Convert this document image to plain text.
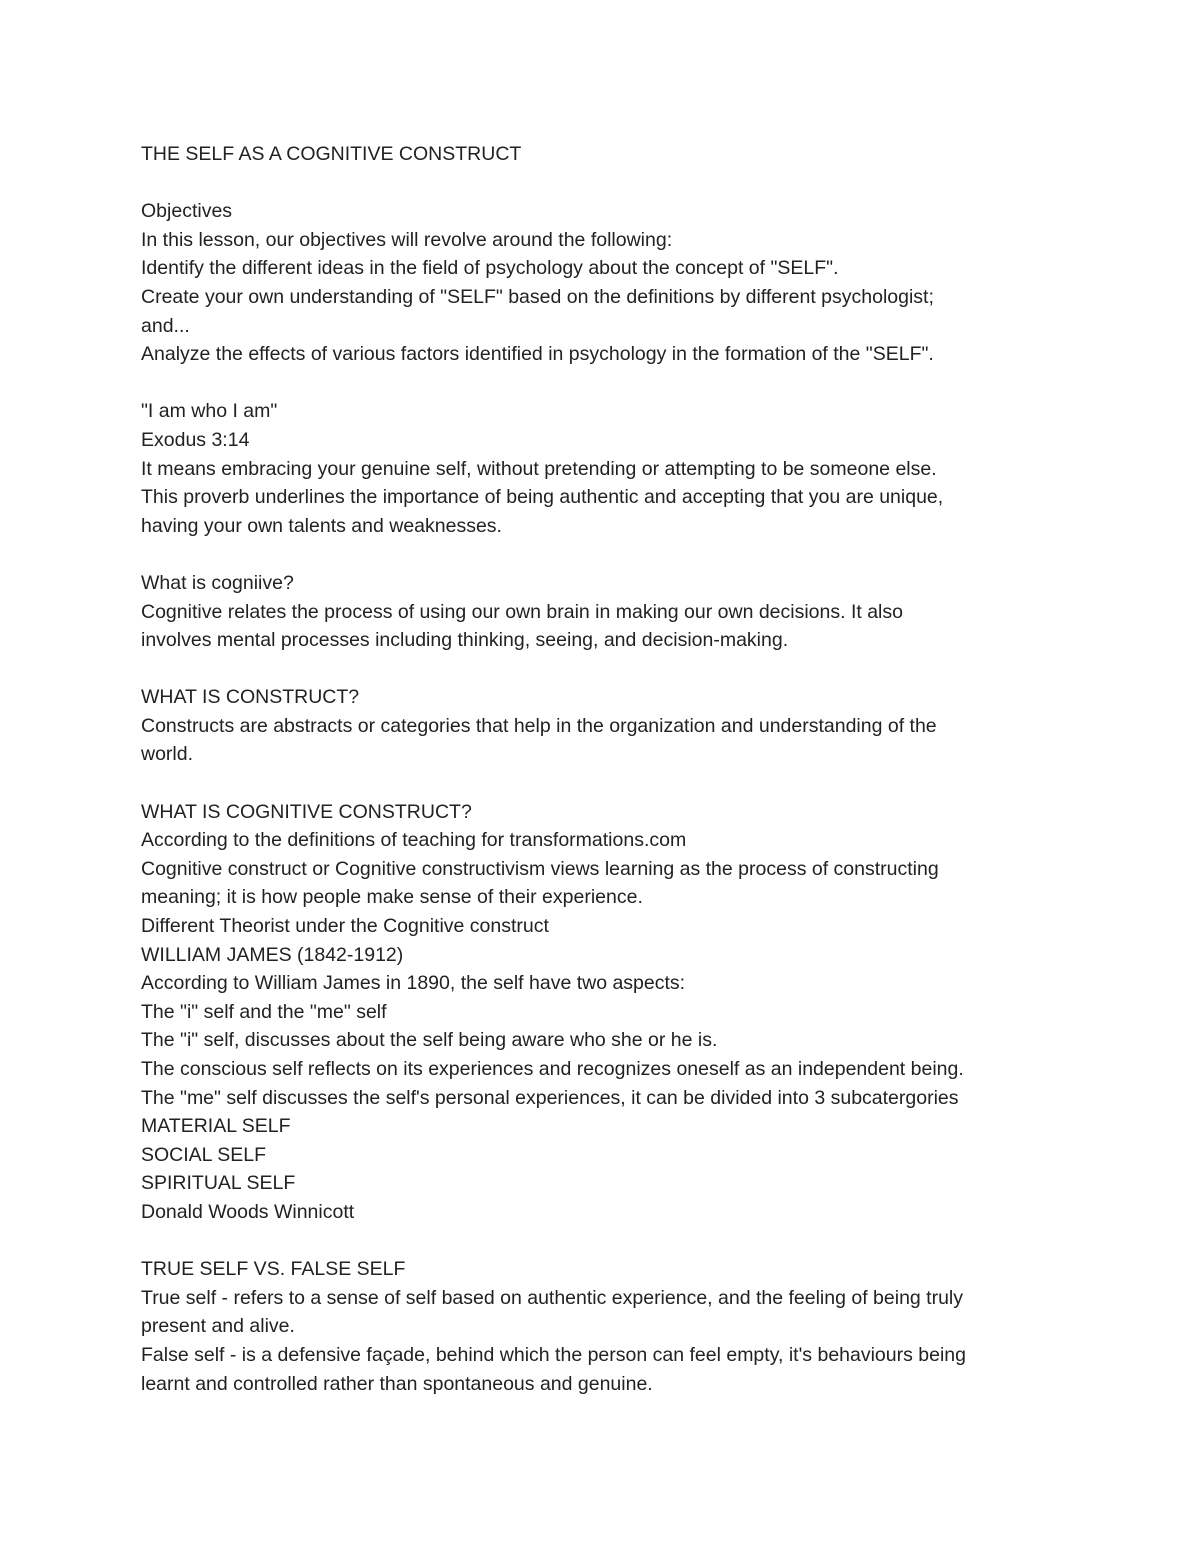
THE SELF AS A COGNITIVE CONSTRUCT
Objectives
In this lesson, our objectives will revolve around the following:
Identify the different ideas in the field of psychology about the concept of "SELF".
Create your own understanding of "SELF" based on the definitions by different psychologist;
and...
Analyze the effects of various factors identified in psychology in the formation of the "SELF".
"I am who I am"
Exodus 3:14
It means embracing your genuine self, without pretending or attempting to be someone else.
This proverb underlines the importance of being authentic and accepting that you are unique,
having your own talents and weaknesses.
What is cogniive?
Cognitive relates the process of using our own brain in making our own decisions. It also
involves mental processes including thinking, seeing, and decision-making.
WHAT IS CONSTRUCT?
Constructs are abstracts or categories that help in the organization and understanding of the
world.
WHAT IS COGNITIVE CONSTRUCT?
According to the definitions of teaching for transformations.com
Cognitive construct or Cognitive constructivism views learning as the process of constructing
meaning; it is how people make sense of their experience.
Different Theorist under the Cognitive construct
WILLIAM JAMES (1842-1912)
According to William James in 1890, the self have two aspects:
The "i" self and the "me" self
The "i" self, discusses about the self being aware who she or he is.
The conscious self reflects on its experiences and recognizes oneself as an independent being.
The "me" self discusses the self's personal experiences, it can be divided into 3 subcatergories
MATERIAL SELF
SOCIAL SELF
SPIRITUAL SELF
Donald Woods Winnicott
TRUE SELF VS. FALSE SELF
True self - refers to a sense of self based on authentic experience, and the feeling of being truly
present and alive.
False self - is a defensive façade, behind which the person can feel empty, it's behaviours being
learnt and controlled rather than spontaneous and genuine.
